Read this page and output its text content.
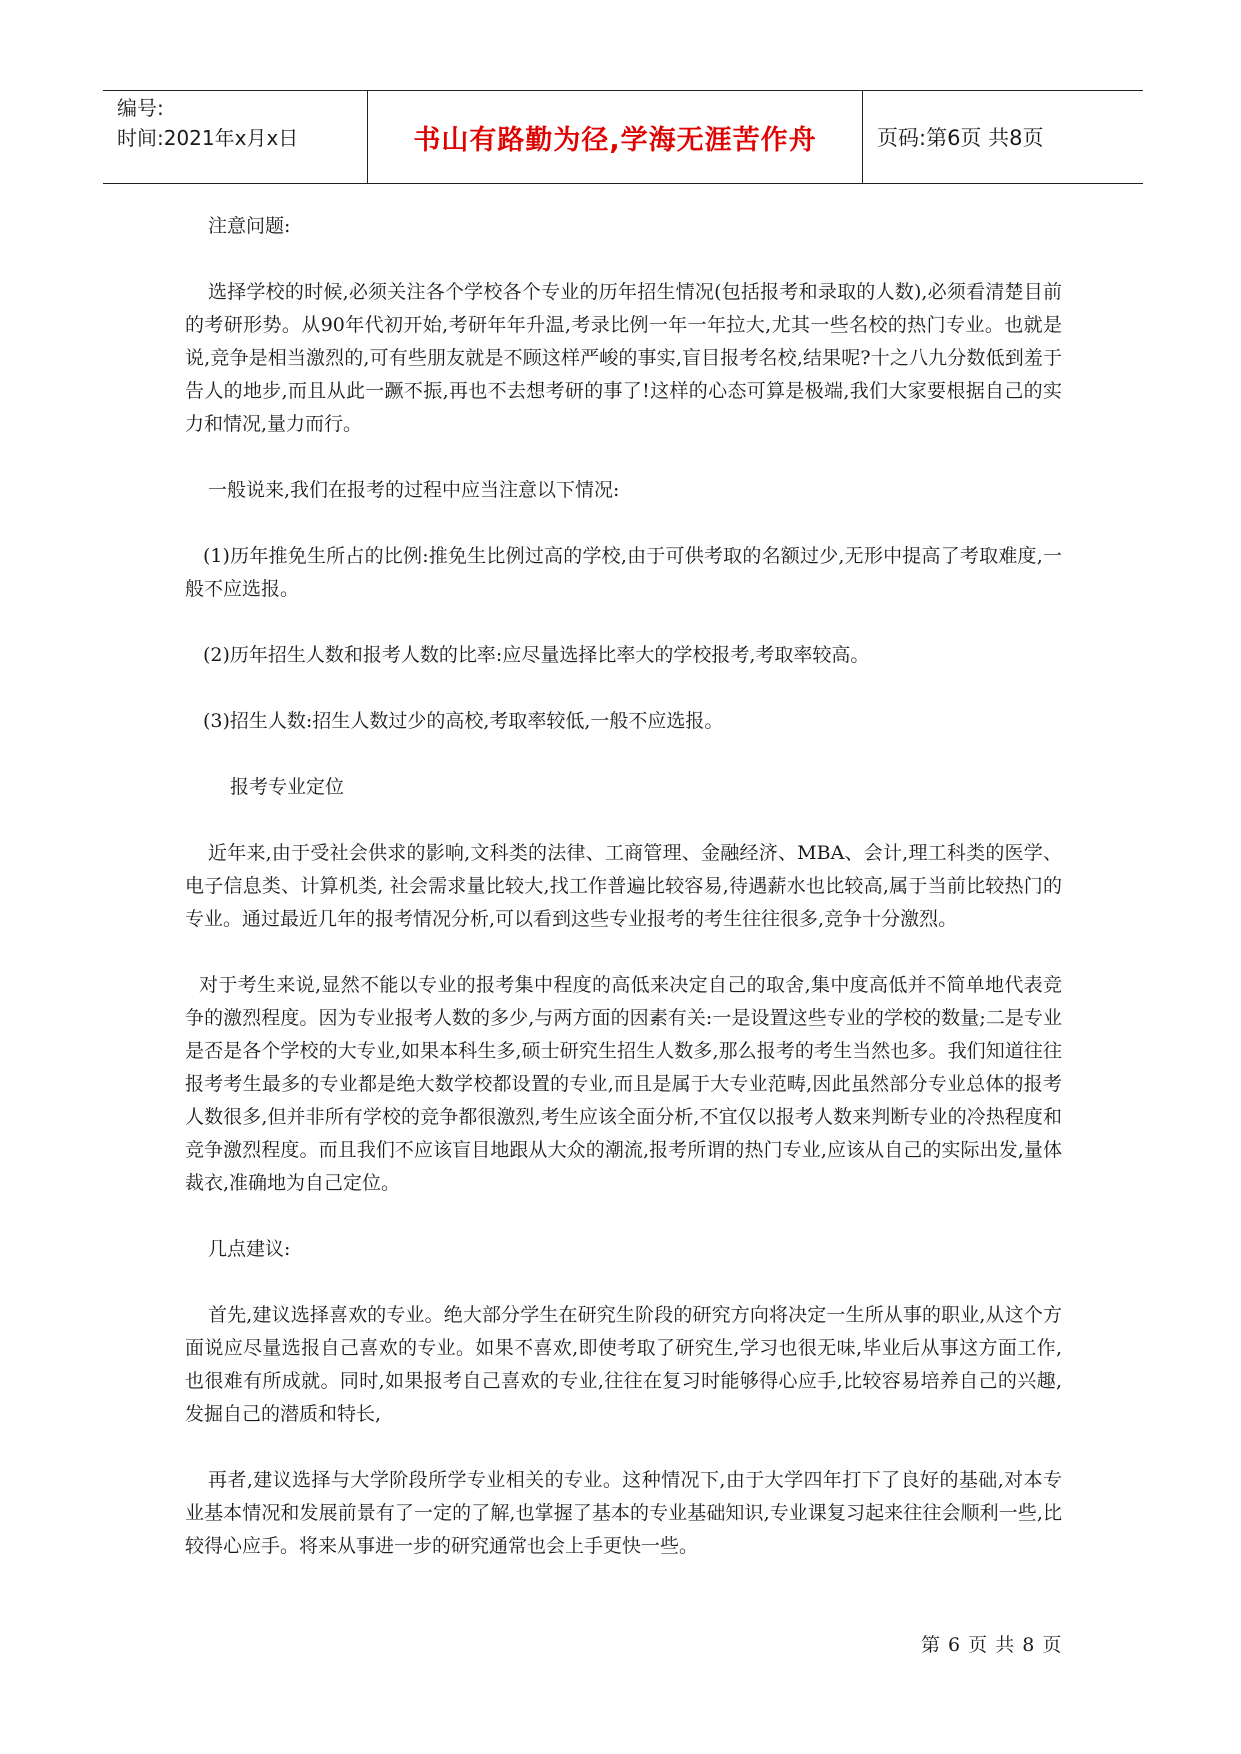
编号:
时间:2021年x月x日	书山有路勤为径,学海无涯苦作舟	页码:第6页 共8页

注意问题:

选择学校的时候,必须关注各个学校各个专业的历年招生情况(包括报考和录取的人数),必须看清楚目前的考研形势。从90年代初开始,考研年年升温,考录比例一年一年拉大,尤其一些名校的热门专业。也就是说,竞争是相当激烈的,可有些朋友就是不顾这样严峻的事实,盲目报考名校,结果呢?十之八九分数低到羞于告人的地步,而且从此一蹶不振,再也不去想考研的事了!这样的心态可算是极端,我们大家要根据自己的实力和情况,量力而行。

一般说来,我们在报考的过程中应当注意以下情况:

(1)历年推免生所占的比例:推免生比例过高的学校,由于可供考取的名额过少,无形中提高了考取难度,一般不应选报。

(2)历年招生人数和报考人数的比率:应尽量选择比率大的学校报考,考取率较高。

(3)招生人数:招生人数过少的高校,考取率较低,一般不应选报。

报考专业定位

近年来,由于受社会供求的影响,文科类的法律、工商管理、金融经济、MBA、会计,理工科类的医学、电子信息类、计算机类, 社会需求量比较大,找工作普遍比较容易,待遇薪水也比较高,属于当前比较热门的专业。通过最近几年的报考情况分析,可以看到这些专业报考的考生往往很多,竞争十分激烈。

对于考生来说,显然不能以专业的报考集中程度的高低来决定自己的取舍,集中度高低并不简单地代表竞争的激烈程度。因为专业报考人数的多少,与两方面的因素有关:一是设置这些专业的学校的数量;二是专业是否是各个学校的大专业,如果本科生多,硕士研究生招生人数多,那么报考的考生当然也多。我们知道往往报考考生最多的专业都是绝大数学校都设置的专业,而且是属于大专业范畴,因此虽然部分专业总体的报考人数很多,但并非所有学校的竞争都很激烈,考生应该全面分析,不宜仅以报考人数来判断专业的冷热程度和竞争激烈程度。而且我们不应该盲目地跟从大众的潮流,报考所谓的热门专业,应该从自己的实际出发,量体裁衣,准确地为自己定位。

几点建议:

首先,建议选择喜欢的专业。绝大部分学生在研究生阶段的研究方向将决定一生所从事的职业,从这个方面说应尽量选报自己喜欢的专业。如果不喜欢,即使考取了研究生,学习也很无味,毕业后从事这方面工作,也很难有所成就。同时,如果报考自己喜欢的专业,往往在复习时能够得心应手,比较容易培养自己的兴趣,发掘自己的潜质和特长,

再者,建议选择与大学阶段所学专业相关的专业。这种情况下,由于大学四年打下了良好的基础,对本专业基本情况和发展前景有了一定的了解,也掌握了基本的专业基础知识,专业课复习起来往往会顺利一些,比较得心应手。将来从事进一步的研究通常也会上手更快一些。

第 6 页 共 8 页
